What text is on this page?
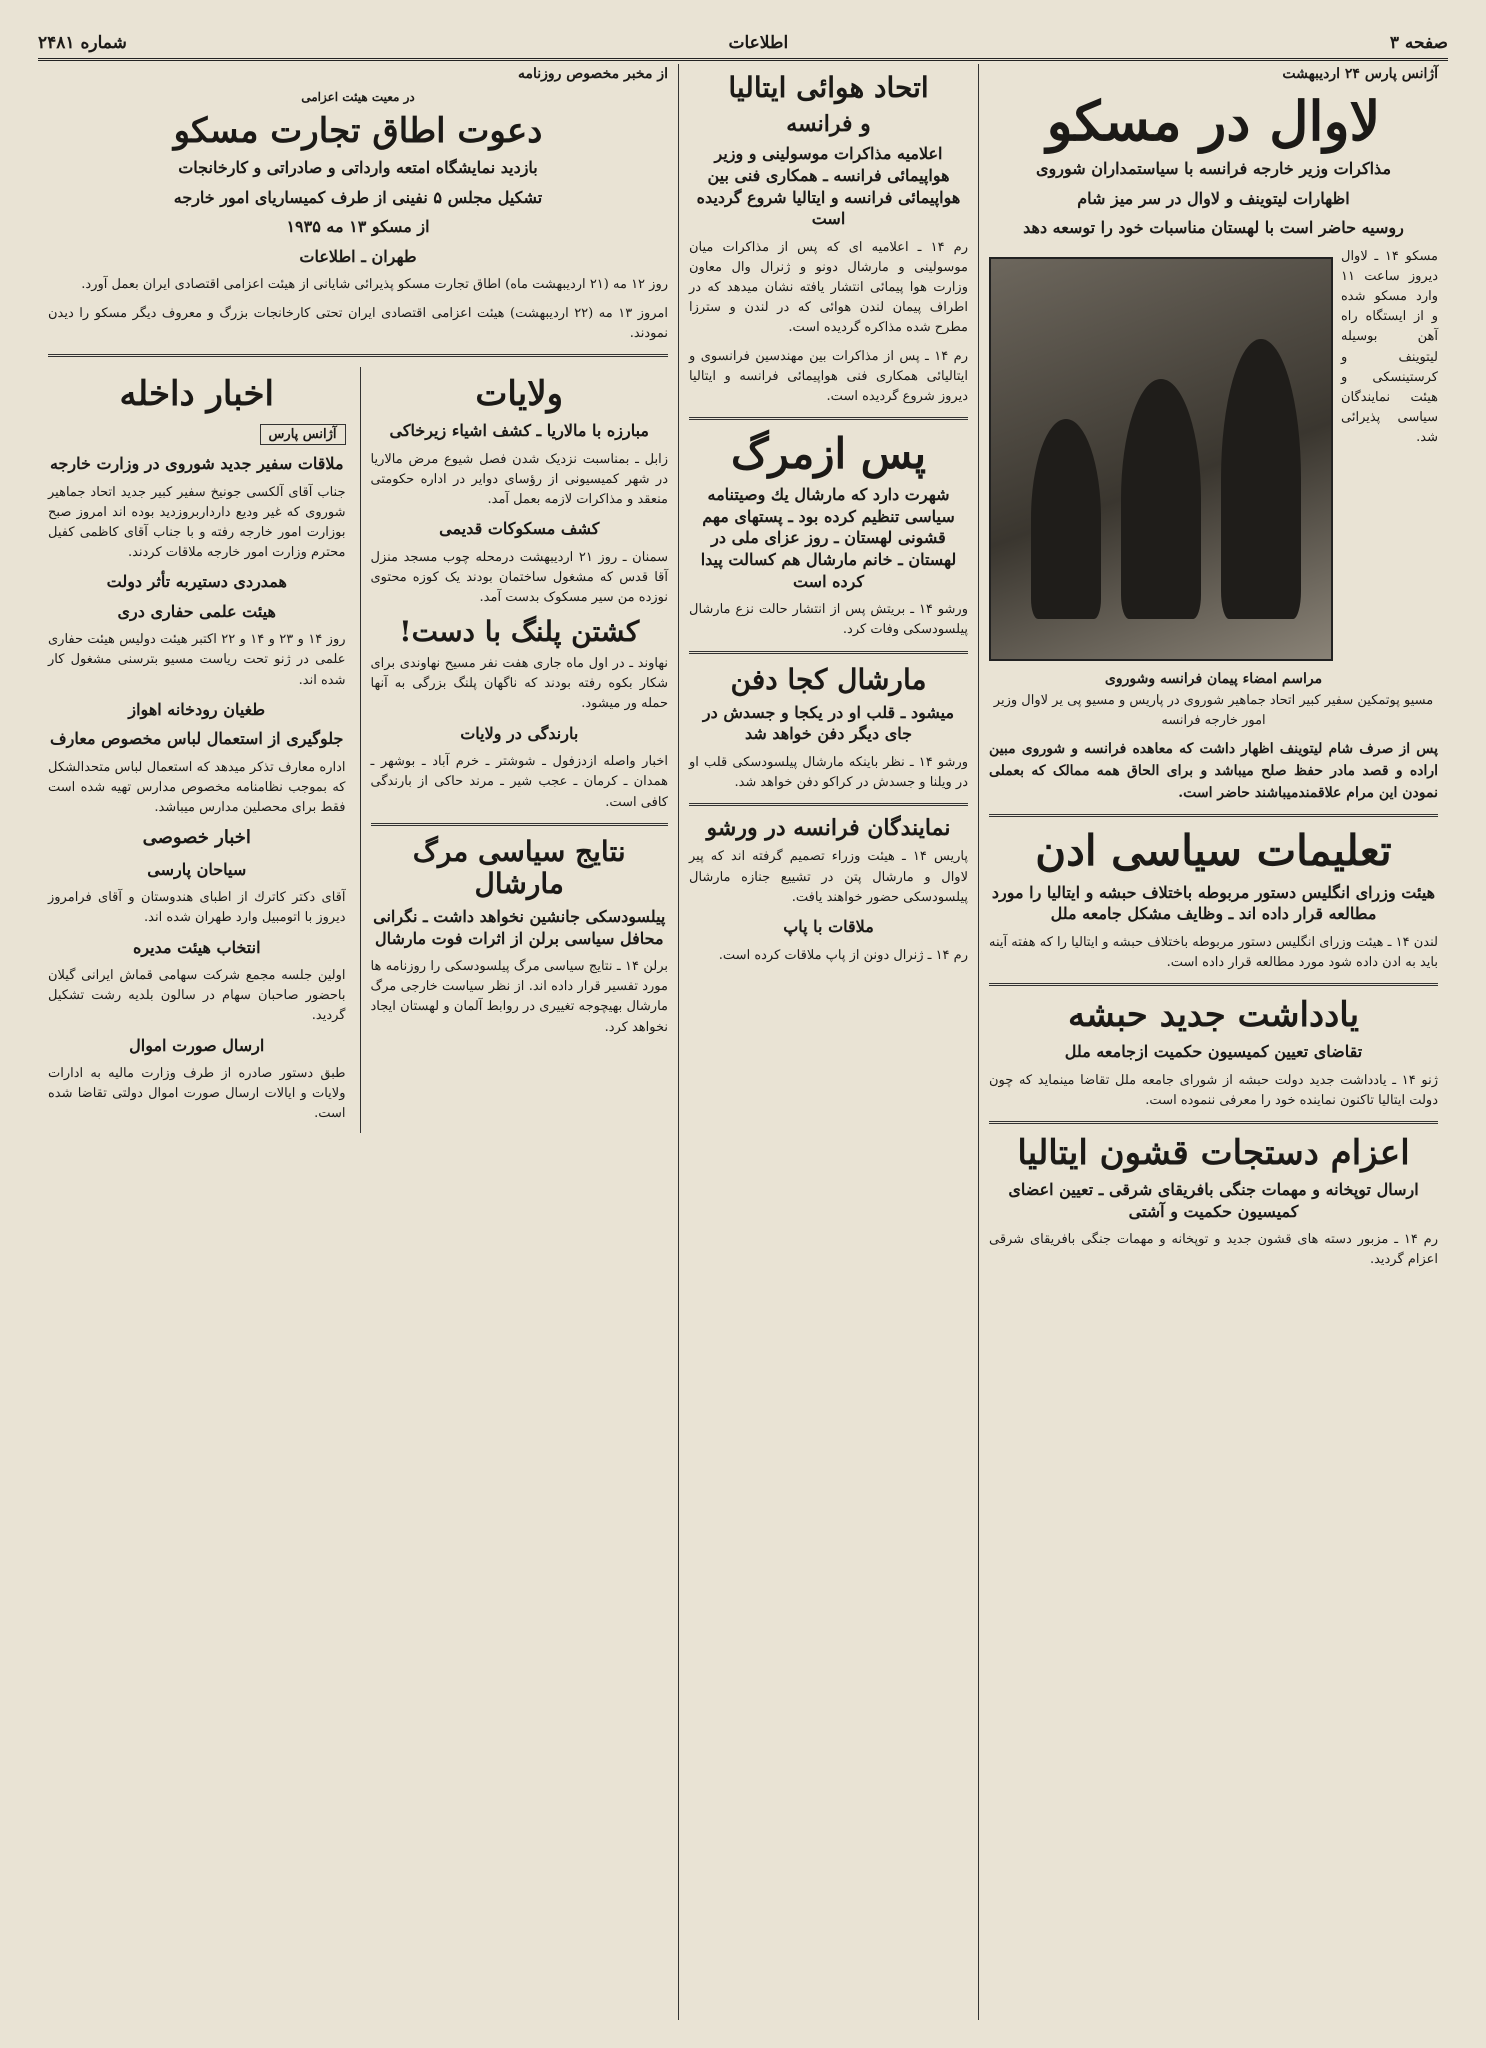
صفحه ۳
اطلاعات
شماره ۲۴۸۱
آژانس پارس ۲۴ اردیبهشت
لاوال در مسکو
مذاکرات وزیر خارجه فرانسه با سیاستمداران شوروی
اظهارات لیتوینف و لاوال در سر میز شام
روسیه حاضر است با لهستان مناسبات خود را توسعه دهد

مسکو ۱۴ ـ لاوال دیروز ساعت ۱۱ وارد مسکو شده و از ایستگاه راه آهن بوسیله لیتوینف و کرستینسکی و هیئت نمایندگان سیاسی پذیرائی شد.

مراسم امضاء پیمان فرانسه وشوروی

مسیو پوتمکین سفیر کبیر اتحاد جماهیر شوروی در پاریس و مسیو پی یر لاوال وزیر امور خارجه فرانسه

پس از صرف شام لیتوینف اظهار داشت که معاهده فرانسه و شوروی مبین اراده و قصد مادر حفظ صلح میباشد و براى الحاق همه ممالک که بعملی نمودن این مرام علاقمندمیباشند حاضر است.

تعلیمات سیاسی ادن
هیئت وزرای انگلیس دستور مربوطه باختلاف حبشه و ایتالیا را مورد مطالعه قرار داده اند ـ وظایف مشکل جامعه ملل

لندن ۱۴ ـ هیئت وزرای انگلیس دستور مربوطه باختلاف حبشه و ایتالیا را که هفته آینه باید به ادن داده شود مورد مطالعه قرار داده است.

یادداشت جدید حبشه
تقاضای تعیین کمیسیون حکمیت ازجامعه ملل

ژنو ۱۴ ـ یادداشت جدید دولت حبشه از شورای جامعه ملل تقاضا مینماید که چون دولت ایتالیا تاکنون نماینده خود را معرفی ننموده است.

اعزام دستجات قشون ایتالیا
ارسال توپخانه و مهمات جنگی بافریقای شرقی ـ تعیین اعضای کمیسیون حکمیت و آشتی

رم ۱۴ ـ مزبور دسته های قشون جدید و توپخانه و مهمات جنگی بافریقای شرقی اعزام گردید.

اتحاد هوائی ایتالیا
و فرانسه
اعلامیه مذاکرات موسولینی و وزیر هواپیمائی فرانسه ـ همکاری فنی بین هواپیمائی فرانسه و ایتالیا شروع گردیده است

رم ۱۴ ـ اعلامیه ای که پس از مذاکرات میان موسولینی و مارشال دونو و ژنرال وال معاون وزارت هوا پیمائی انتشار یافته نشان میدهد که در اطراف پیمان لندن هوائی که در لندن و سترزا مطرح شده مذاکره گردیده است.

رم ۱۴ ـ پس از مذاکرات بین مهندسین فرانسوی و ایتالیائی همکاری فنی هواپیمائی فرانسه و ایتالیا دیروز شروع گردیده است.

پس ازمرگ
شهرت دارد که مارشال یك وصیتنامه سیاسی تنظیم کرده بود ـ پستهای مهم قشونی لهستان ـ روز عزای ملی در لهستان ـ خانم مارشال هم کسالت پیدا کرده است

ورشو ۱۴ ـ بریتش پس از انتشار حالت نزع مارشال پیلسودسکی وفات کرد.

مارشال کجا دفن
میشود ـ قلب او در یکجا و جسدش در جای دیگر دفن خواهد شد

ورشو ۱۴ ـ نظر باینکه مارشال پیلسودسکی قلب او در ویلنا و جسدش در کراکو دفن خواهد شد.

نمایندگان فرانسه در ورشو

پاریس ۱۴ ـ هیئت وزراء تصمیم گرفته اند که پیر لاوال و مارشال پتن در تشییع جنازه مارشال پیلسودسکی حضور خواهند یافت.

ملاقات با پاپ

رم ۱۴ ـ ژنرال دونن از پاپ ملاقات کرده است.

از مخبر مخصوص روزنامه
در معیت هیئت اعزامی
دعوت اطاق تجارت مسکو
بازدید نمایشگاه امتعه وارداتی و صادراتی و کارخانجات
تشکیل مجلس ۵ نفینی از طرف کمیساریای امور خارجه
از مسکو ۱۳ مه ۱۹۳۵
طهران ـ اطلاعات

روز ۱۲ مه (۲۱ اردیبهشت ماه) اطاق تجارت مسکو پذیرائی شایانی از هیئت اعزامی اقتصادی ایران بعمل آورد.

امروز ۱۳ مه (۲۲ اردیبهشت) هیئت اعزامی اقتصادی ایران تحتی کارخانجات بزرگ و معروف دیگر مسکو را دیدن نمودند.

ولایات
مبارزه با مالاریا ـ کشف اشیاء زیرخاکی

زابل ـ بمناسبت نزدیک شدن فصل شیوع مرض مالاریا در شهر کمیسیونی از رؤسای دوایر در اداره حکومتی منعقد و مذاکرات لازمه بعمل آمد.

کشف مسکوکات قدیمی

سمنان ـ روز ۲۱ اردیبهشت درمحله چوب مسجد منزل آقا قدس که مشغول ساختمان بودند یک کوزه محتوی نوزده من سیر مسکوک بدست آمد.

کشتن پلنگ با دست!

نهاوند ـ در اول ماه جاری هفت نفر مسیح نهاوندی برای شکار بکوه رفته بودند که ناگهان پلنگ بزرگی به آنها حمله ور میشود.

بارندگی در ولایات

اخبار واصله ازدزفول ـ شوشتر ـ خرم آباد ـ بوشهر ـ همدان ـ کرمان ـ عجب شیر ـ مرند حاکی از بارندگی کافی است.

نتایج سیاسی مرگ مارشال
پیلسودسکی جانشین نخواهد داشت ـ نگرانی محافل سیاسی برلن از اثرات فوت مارشال

برلن ۱۴ ـ نتایج سیاسی مرگ پیلسودسکی را روزنامه ها مورد تفسیر قرار داده اند. از نظر سیاست خارجی مرگ مارشال بهیچوجه تغییری در روابط آلمان و لهستان ایجاد نخواهد کرد.

اخبار داخله
آژانس پارس
ملاقات سفیر جدید شوروی در وزارت خارجه

جناب آقای آلکسی جونیخ سفیر کبیر جدید اتحاد جماهیر شوروی که غیر ودیع دارداربروزدید بوده اند امروز صبح بوزارت امور خارجه رفته و با جناب آقای کاظمی کفیل محترم وزارت امور خارجه ملاقات کردند.

همدردی دستیربه تأثر دولت
هیئت علمی حفاری دری

روز ۱۴ و ۲۳ و ۱۴ و ۲۲ اکتبر هیئت دولیس هیئت حفاری علمی در ژنو تحت ریاست مسیو بترسنی مشغول کار شده اند.

طغیان رودخانه اهواز
جلوگیری از استعمال لباس مخصوص معارف

اداره معارف تذکر میدهد که استعمال لباس متحدالشکل که بموجب نظامنامه مخصوص مدارس تهیه شده است فقط برای محصلین مدارس میباشد.

اخبار خصوصی
سیاحان پارسی

آقای دکتر کاترك از اطبای هندوستان و آقای فرامروز دیروز با اتومبیل وارد طهران شده اند.

انتخاب هیئت مدیره

اولین جلسه مجمع شرکت سهامی قماش ایرانی گیلان باحضور صاحبان سهام در سالون بلدیه رشت تشکیل گردید.

ارسال صورت اموال

طبق دستور صادره از طرف وزارت مالیه به ادارات ولایات و ایالات ارسال صورت اموال دولتی تقاضا شده است.
